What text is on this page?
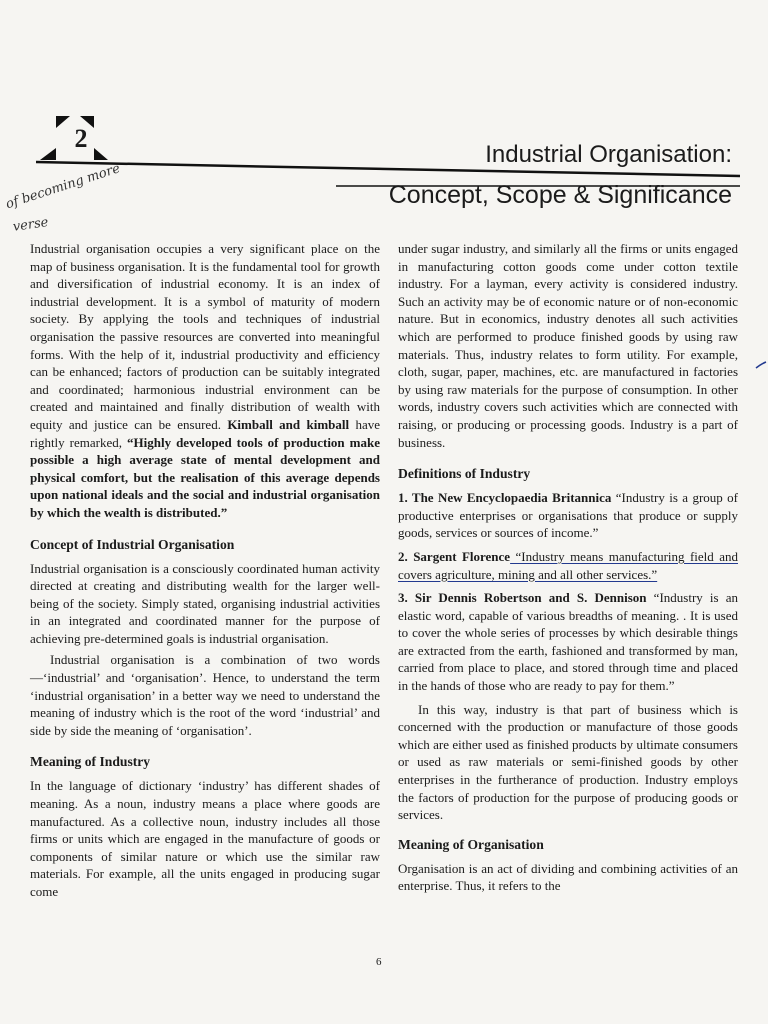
2
Industrial Organisation:
Concept, Scope & Significance
of becoming more
verse

Industrial organisation occupies a very significant place on the map of business organisation. It is the fundamental tool for growth and diversification of industrial economy. It is an index of industrial development. It is a symbol of maturity of modern society. By applying the tools and techniques of industrial organisation the passive resources are converted into meaningful forms. With the help of it, industrial productivity and efficiency can be enhanced; factors of production can be suitably integrated and coordinated; harmonious industrial environment can be created and maintained and finally distribution of wealth with equity and justice can be ensured. Kimball and kimball have rightly remarked, “Highly developed tools of production make possible a high average state of mental development and physical comfort, but the realisation of this average depends upon national ideals and the social and industrial organisation by which the wealth is distributed.”

Concept of Industrial Organisation

Industrial organisation is a consciously coordinated human activity directed at creating and distributing wealth for the larger well-being of the society. Simply stated, organising industrial activities in an integrated and coordinated manner for the purpose of achieving pre-determined goals is industrial organisation.

Industrial organisation is a combination of two words—‘industrial’ and ‘organisation’. Hence, to understand the term ‘industrial organisation’ in a better way we need to understand the meaning of industry which is the root of the word ‘industrial’ and side by side the meaning of ‘organisation’.

Meaning of Industry

In the language of dictionary ‘industry’ has different shades of meaning. As a noun, industry means a place where goods are manufactured. As a collective noun, industry includes all those firms or units which are engaged in the manufacture of goods or components of similar nature or which use the similar raw materials. For example, all the units engaged in producing sugar come

under sugar industry, and similarly all the firms or units engaged in manufacturing cotton goods come under cotton textile industry. For a layman, every activity is considered industry. Such an activity may be of economic nature or of non-economic nature. But in economics, industry denotes all such activities which are performed to produce finished goods by using raw materials. Thus, industry relates to form utility. For example, cloth, sugar, paper, machines, etc. are manufactured in factories by using raw materials for the purpose of consumption. In other words, industry covers such activities which are connected with raising, or producing or processing goods. Industry is a part of business.

Definitions of Industry

1. The New Encyclopaedia Britannica “Industry is a group of productive enterprises or organisations that produce or supply goods, services or sources of income.”

2. Sargent Florence “Industry means manufacturing field and covers agriculture, mining and all other services.”

3. Sir Dennis Robertson and S. Dennison “Industry is an elastic word, capable of various breadths of meaning. . It is used to cover the whole series of processes by which desirable things are extracted from the earth, fashioned and transformed by man, carried from place to place, and stored through time and placed in the hands of those who are ready to pay for them.”

In this way, industry is that part of business which is concerned with the production or manufacture of those goods which are either used as finished products by ultimate consumers or used as raw materials or semi-finished goods by other enterprises in the furtherance of production. Industry employs the factors of production for the purpose of producing goods or services.

Meaning of Organisation

Organisation is an act of dividing and combining activities of an enterprise. Thus, it refers to the

6
